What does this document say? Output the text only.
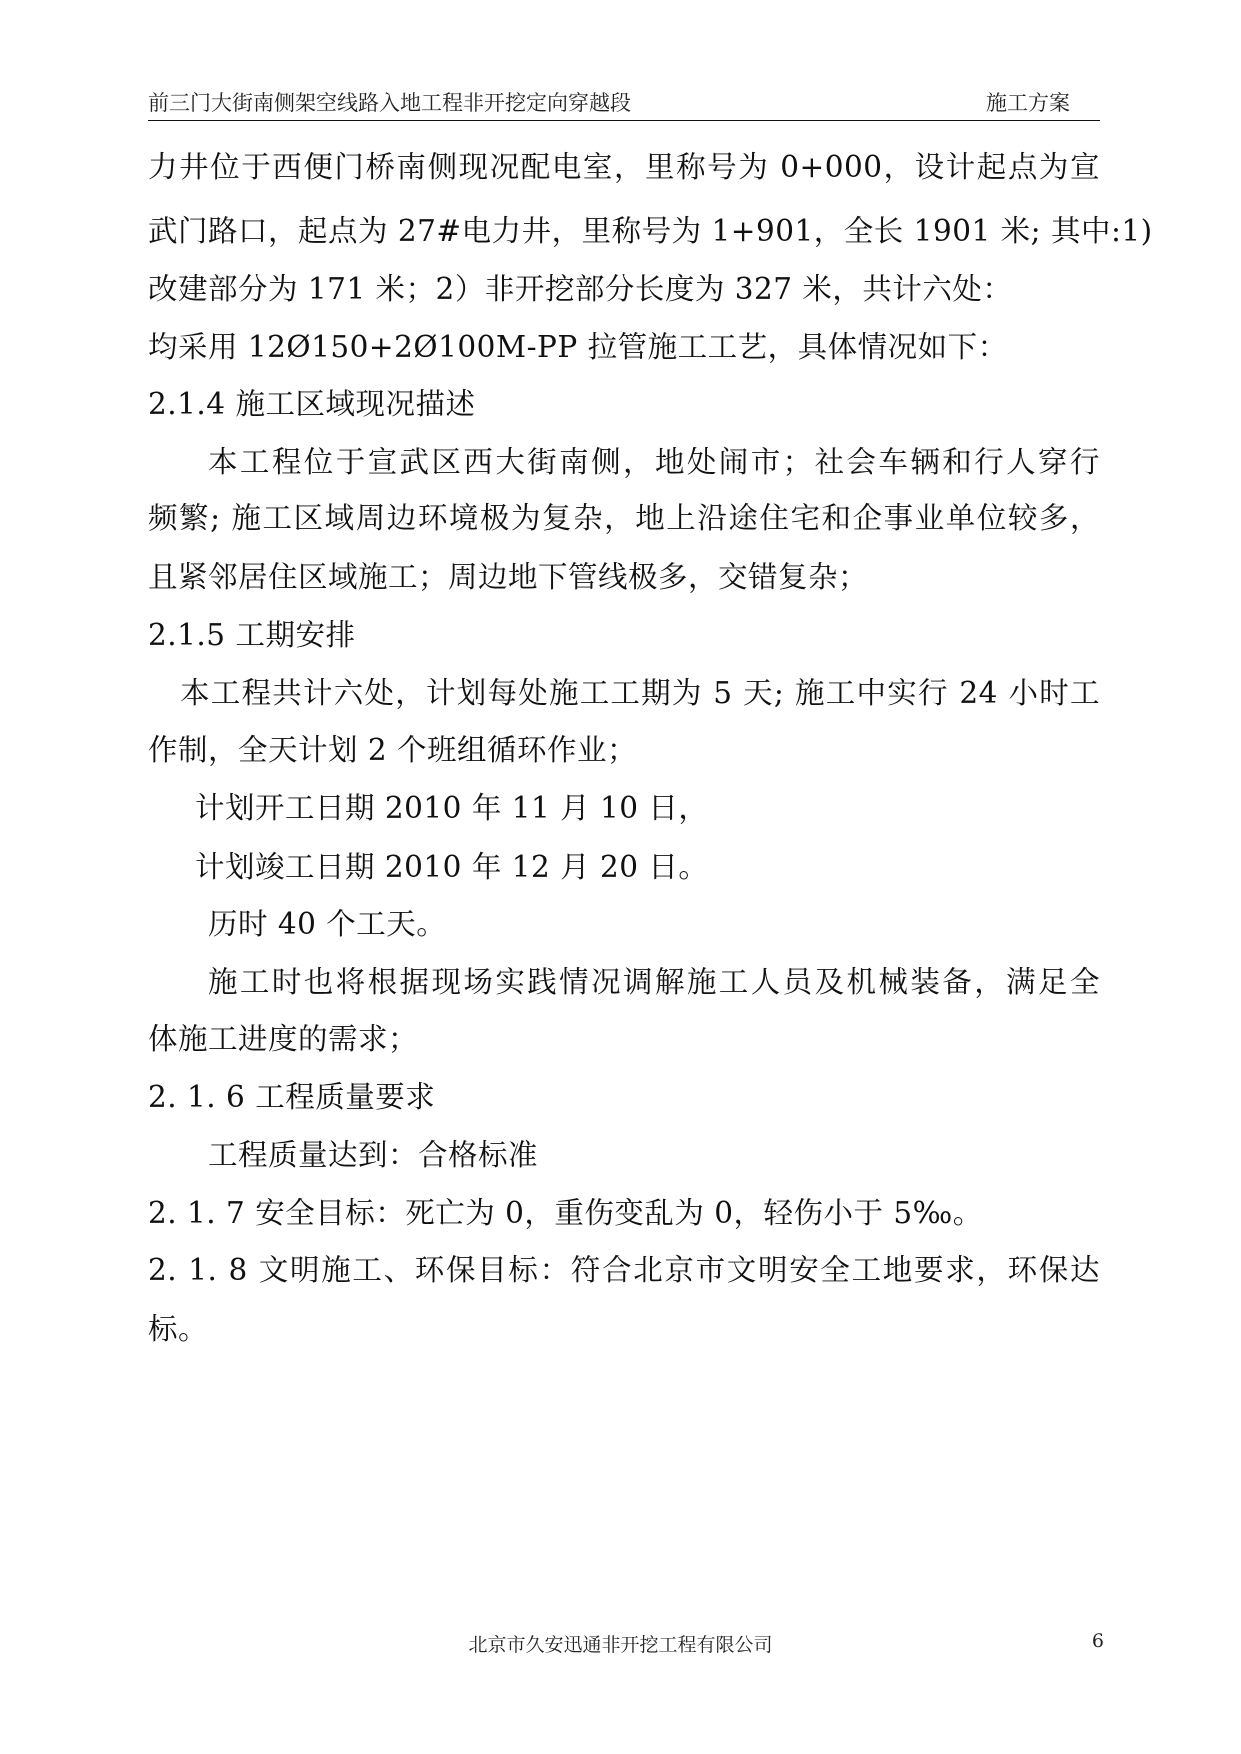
前三门大街南侧架空线路入地工程非开挖定向穿越段	施工方案
力井位于西便门桥南侧现况配电室，里称号为 0+000，设计起点为宣
武门路口，起点为 27#电力井，里称号为 1+901，全长 1901 米; 其中:1)
改建部分为 171 米；2）非开挖部分长度为 327 米，共计六处：
均采用 12Ø150+2Ø100M-PP 拉管施工工艺，具体情况如下：
2.1.4 施工区域现况描述
本工程位于宣武区西大街南侧，地处闹市；社会车辆和行人穿行
频繁; 施工区域周边环境极为复杂，地上沿途住宅和企事业单位较多，
且紧邻居住区域施工；周边地下管线极多，交错复杂；
2.1.5 工期安排
本工程共计六处，计划每处施工工期为 5 天; 施工中实行 24 小时工
作制，全天计划 2 个班组循环作业；
计划开工日期 2010 年 11 月 10 日，
计划竣工日期 2010 年 12 月 20 日。
历时 40 个工天。
施工时也将根据现场实践情况调解施工人员及机械装备，满足全
体施工进度的需求；
2. 1. 6 工程质量要求
工程质量达到：合格标准
2. 1. 7 安全目标：死亡为 0，重伤变乱为 0，轻伤小于 5‰。
2. 1. 8 文明施工、环保目标：符合北京市文明安全工地要求，环保达
标。
北京市久安迅通非开挖工程有限公司	6
